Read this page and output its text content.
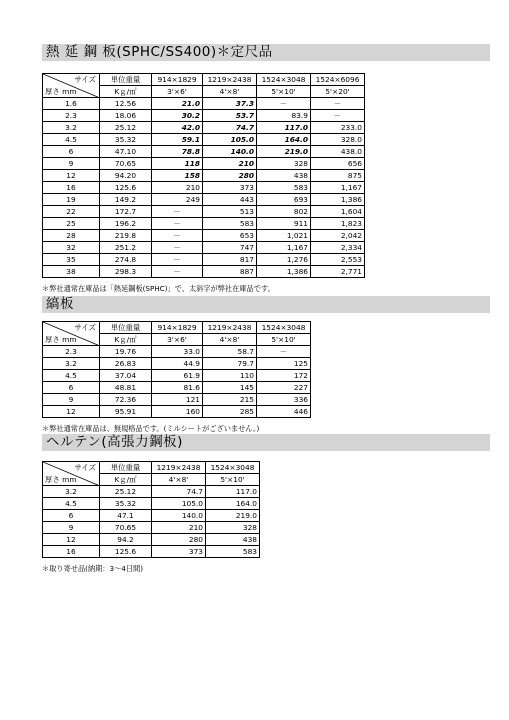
熱 延 鋼 板(SPHC/SS400)＊定尺品
サイズ
厚さ mm	単位重量	914×1829	1219×2438	1524×3048	1524×6096
	Kｇ/㎡	3'×6'	4'×8'	5'×10'	5'×20'
1.6	12.56	21.0	37.3	－	－
2.3	18.06	30.2	53.7	83.9	－
3.2	25.12	42.0	74.7	117.0	233.0
4.5	35.32	59.1	105.0	164.0	328.0
6	47.10	78.8	140.0	219.0	438.0
9	70.65	118	210	328	656
12	94.20	158	280	438	875
16	125.6	210	373	583	1,167
19	149.2	249	443	693	1,386
22	172.7	－	513	802	1,604
25	196.2	－	583	911	1,823
28	219.8	－	653	1,021	2,042
32	251.2	－	747	1,167	2,334
35	274.8	－	817	1,276	2,553
38	298.3	－	887	1,386	2,771
＊弊社通常在庫品は「熱延鋼板(SPHC)」で、太斜字が弊社在庫品です。
縞板
サイズ
厚さ mm	単位重量	914×1829	1219×2438	1524×3048
	Kｇ/㎡	3'×6'	4'×8'	5'×10'
2.3	19.76	33.0	58.7	－
3.2	26.83	44.9	79.7	125
4.5	37.04	61.9	110	172
6	48.81	81.6	145	227
9	72.36	121	215	336
12	95.91	160	285	446
＊弊社通常在庫品は、無規格品です。(ミルシートがございません。)
ヘルテン(高張力鋼板)
サイズ
厚さ mm	単位重量	1219×2438	1524×3048
	Kｇ/㎡	4'×8'	5'×10'
3.2	25.12	74.7	117.0
4.5	35.32	105.0	164.0
6	47.1	140.0	219.0
9	70.65	210	328
12	94.2	280	438
16	125.6	373	583
＊取り寄せ品(納期：3～4日間)
